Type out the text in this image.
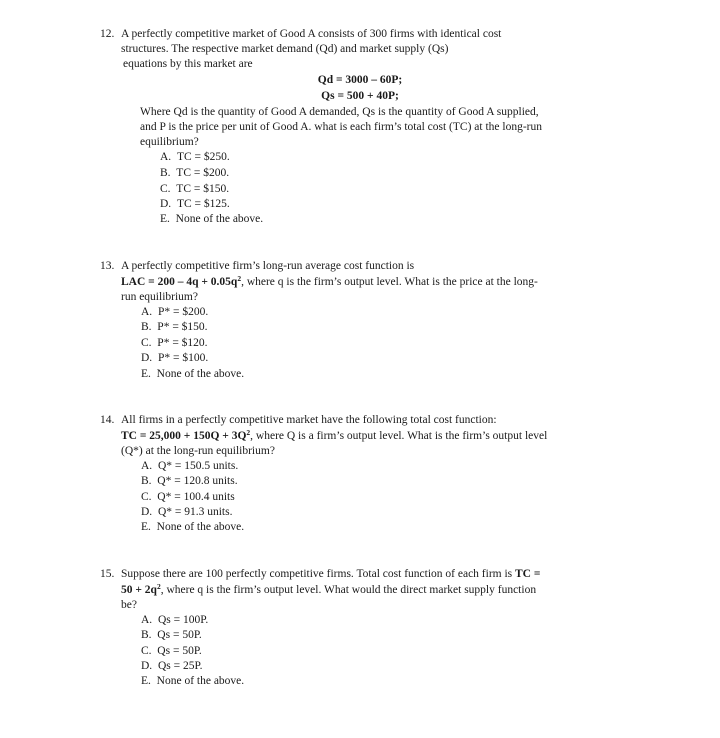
12. A perfectly competitive market of Good A consists of 300 firms with identical cost
structures. The respective market demand (Qd) and market supply (Qs)
equations by this market are
Qd = 3000 – 60P;
Qs = 500 + 40P;
Where Qd is the quantity of Good A demanded, Qs is the quantity of Good A supplied,
and P is the price per unit of Good A. what is each firm’s total cost (TC) at the long-run
equilibrium?
A. TC = $250.
B. TC = $200.
C. TC = $150.
D. TC = $125.
E. None of the above.
13. A perfectly competitive firm’s long-run average cost function is
LAC = $200 - 4q + 0.05q^2$, where q is the firm’s output level. What is the price at the long-
run equilibrium?
A. P* = $200.
B. P* = $150.
C. P* = $120.
D. P* = $100.
E. None of the above.
14. All firms in a perfectly competitive market have the following total cost function:
TC = $25,000 + 150Q + 3Q^2$, where Q is a firm’s output level. What is the firm’s output level
(Q*) at the long-run equilibrium?
A. Q* = 150.5 units.
B. Q* = 120.8 units.
C. Q* = 100.4 units
D. Q* = 91.3 units.
E. None of the above.
15. Suppose there are 100 perfectly competitive firms. Total cost function of each firm is TC =
$50 + 2q^2$, where q is the firm’s output level. What would the direct market supply function
be?
A. Qs = 100P.
B. Qs = 50P.
C. Qs = 50P.
D. Qs = 25P.
E. None of the above.
